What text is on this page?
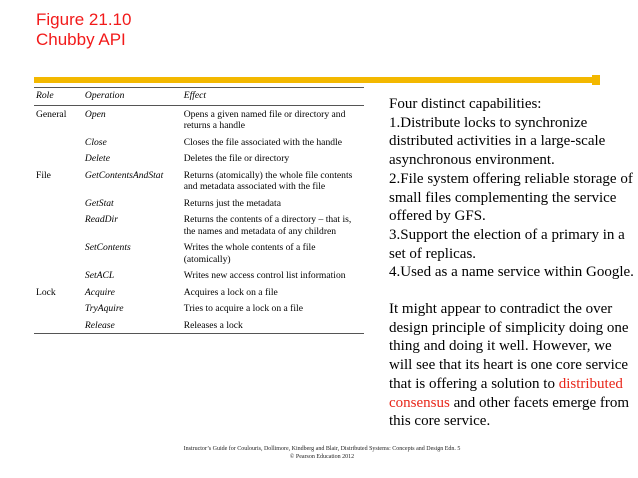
Figure 21.10
Chubby API
Role	Operation	Effect
General	Open	Opens a given named file or directory and returns a handle
	Close	Closes the file associated with the handle
	Delete	Deletes the file or directory
File	GetContentsAndStat	Returns (atomically) the whole file contents and metadata associated with the file
	GetStat	Returns just the metadata
	ReadDir	Returns the contents of a directory – that is, the names and metadata of any children
	SetContents	Writes the whole contents of a file (atomically)
	SetACL	Writes new access control list information
Lock	Acquire	Acquires a lock on a file
	TryAquire	Tries to acquire a lock on a file
	Release	Releases a lock

Four distinct capabilities:

1.Distribute locks to synchronize distributed activities in a large-scale asynchronous environment.

2.File system offering reliable storage of small files complementing the service offered by GFS.

3.Support the election of a primary in a set of replicas.

4.Used as a name service within Google.

It might appear to contradict the over design principle of simplicity doing one thing and doing it well. However, we will see that its heart is one core service that is offering a solution to distributed consensus and other facets emerge from this core service.

Instructor’s Guide for Coulouris, Dollimore, Kindberg and Blair, Distributed Systems: Concepts and Design Edn. 5
© Pearson Education 2012
